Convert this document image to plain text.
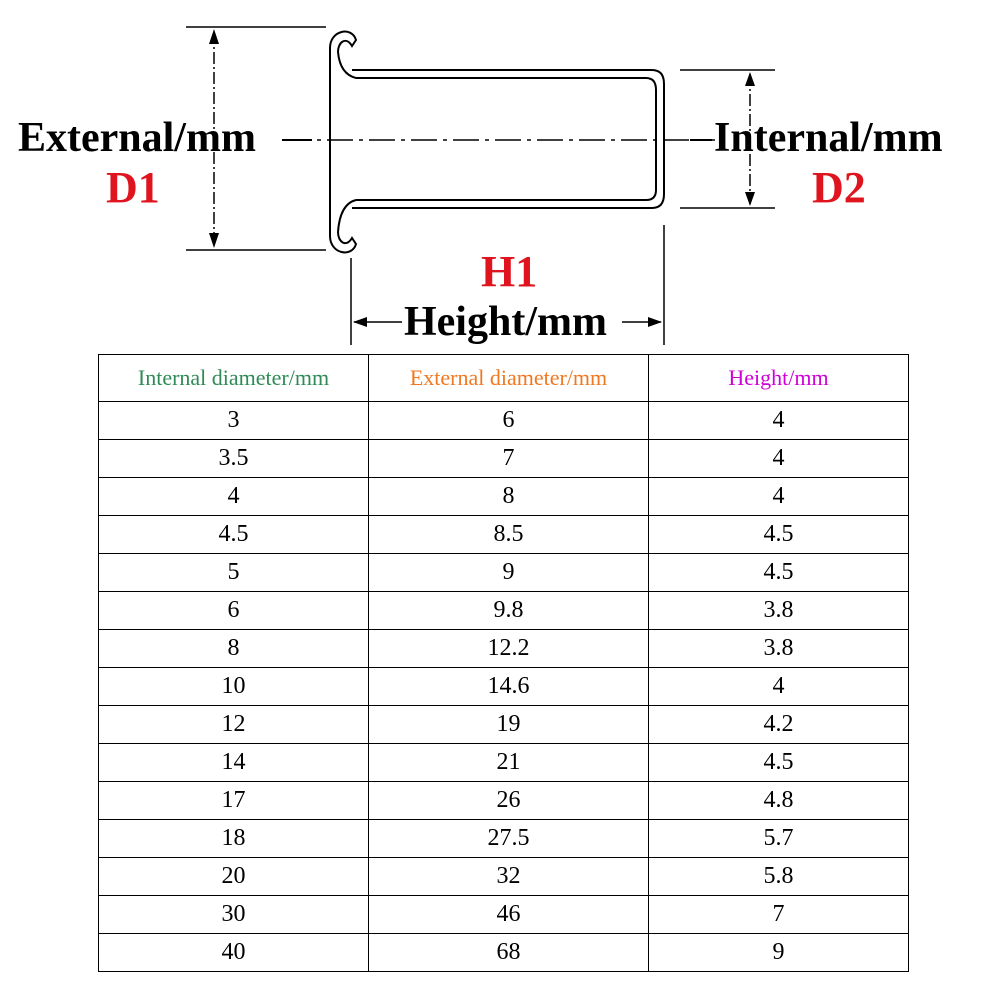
External/mm
D1
Internal/mm
D2
H1
Height/mm
Internal diameter/mm	External diameter/mm	Height/mm
3	6	4
3.5	7	4
4	8	4
4.5	8.5	4.5
5	9	4.5
6	9.8	3.8
8	12.2	3.8
10	14.6	4
12	19	4.2
14	21	4.5
17	26	4.8
18	27.5	5.7
20	32	5.8
30	46	7
40	68	9
